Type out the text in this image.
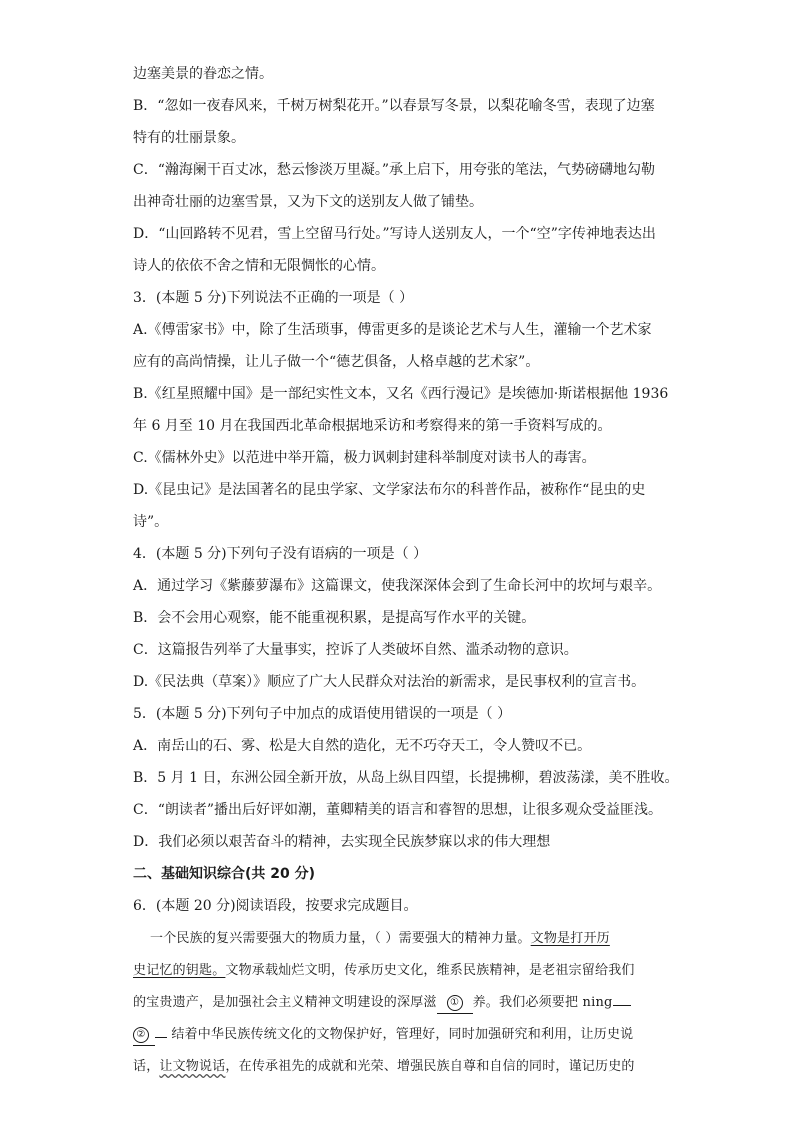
边塞美景的眷恋之情。
B．“忽如一夜春风来，千树万树梨花开。”以春景写冬景，以梨花喻冬雪，表现了边塞
特有的壮丽景象。
C．“瀚海阑干百丈冰，愁云惨淡万里凝。”承上启下，用夸张的笔法，气势磅礴地勾勒
出神奇壮丽的边塞雪景，又为下文的送别友人做了铺垫。
D．“山回路转不见君，雪上空留马行处。”写诗人送别友人，一个“空”字传神地表达出
诗人的依依不舍之情和无限惆怅的心情。
3．(本题 5 分)下列说法不正确的一项是（ ）
A.《傅雷家书》中，除了生活琐事，傅雷更多的是谈论艺术与人生，灌输一个艺术家
应有的高尚情操，让儿子做一个“德艺俱备，人格卓越的艺术家”。
B.《红星照耀中国》是一部纪实性文本，又名《西行漫记》是埃德加·斯诺根据他 1936
年 6 月至 10 月在我国西北革命根据地采访和考察得来的第一手资料写成的。
C.《儒林外史》以范进中举开篇，极力讽刺封建科举制度对读书人的毒害。
D.《昆虫记》是法国著名的昆虫学家、文学家法布尔的科普作品，被称作“昆虫的史
诗”。
4．(本题 5 分)下列句子没有语病的一项是（ ）
A．通过学习《紫藤萝瀑布》这篇课文，使我深深体会到了生命长河中的坎坷与艰辛。
B．会不会用心观察，能不能重视积累，是提高写作水平的关键。
C．这篇报告列举了大量事实，控诉了人类破坏自然、滥杀动物的意识。
D.《民法典（草案）》顺应了广大人民群众对法治的新需求，是民事权利的宣言书。
5．(本题 5 分)下列句子中加点的成语使用错误的一项是（ ）
A．南岳山的石、雾、松是大自然的造化，无不巧夺天工，令人赞叹不已。
B．5 月 1 日，东洲公园全新开放，从岛上纵目四望，长提拂柳，碧波荡漾，美不胜收。
C．“朗读者”播出后好评如潮，董卿精美的语言和睿智的思想，让很多观众受益匪浅。
D．我们必须以艰苦奋斗的精神，去实现全民族梦寐以求的伟大理想
二、基础知识综合(共 20 分)
6．(本题 20 分)阅读语段，按要求完成题目。
一个民族的复兴需要强大的物质力量，（ ）需要强大的精神力量。文物是打开历
史记忆的钥匙。文物承载灿烂文明，传承历史文化，维系民族精神，是老祖宗留给我们
的宝贵遗产，是加强社会主义精神文明建设的深厚滋 ① 养。我们必须要把 ning
② 结着中华民族传统文化的文物保护好，管理好，同时加强研究和利用，让历史说
话，让文物说话，在传承祖先的成就和光荣、增强民族自尊和自信的同时，谨记历史的
